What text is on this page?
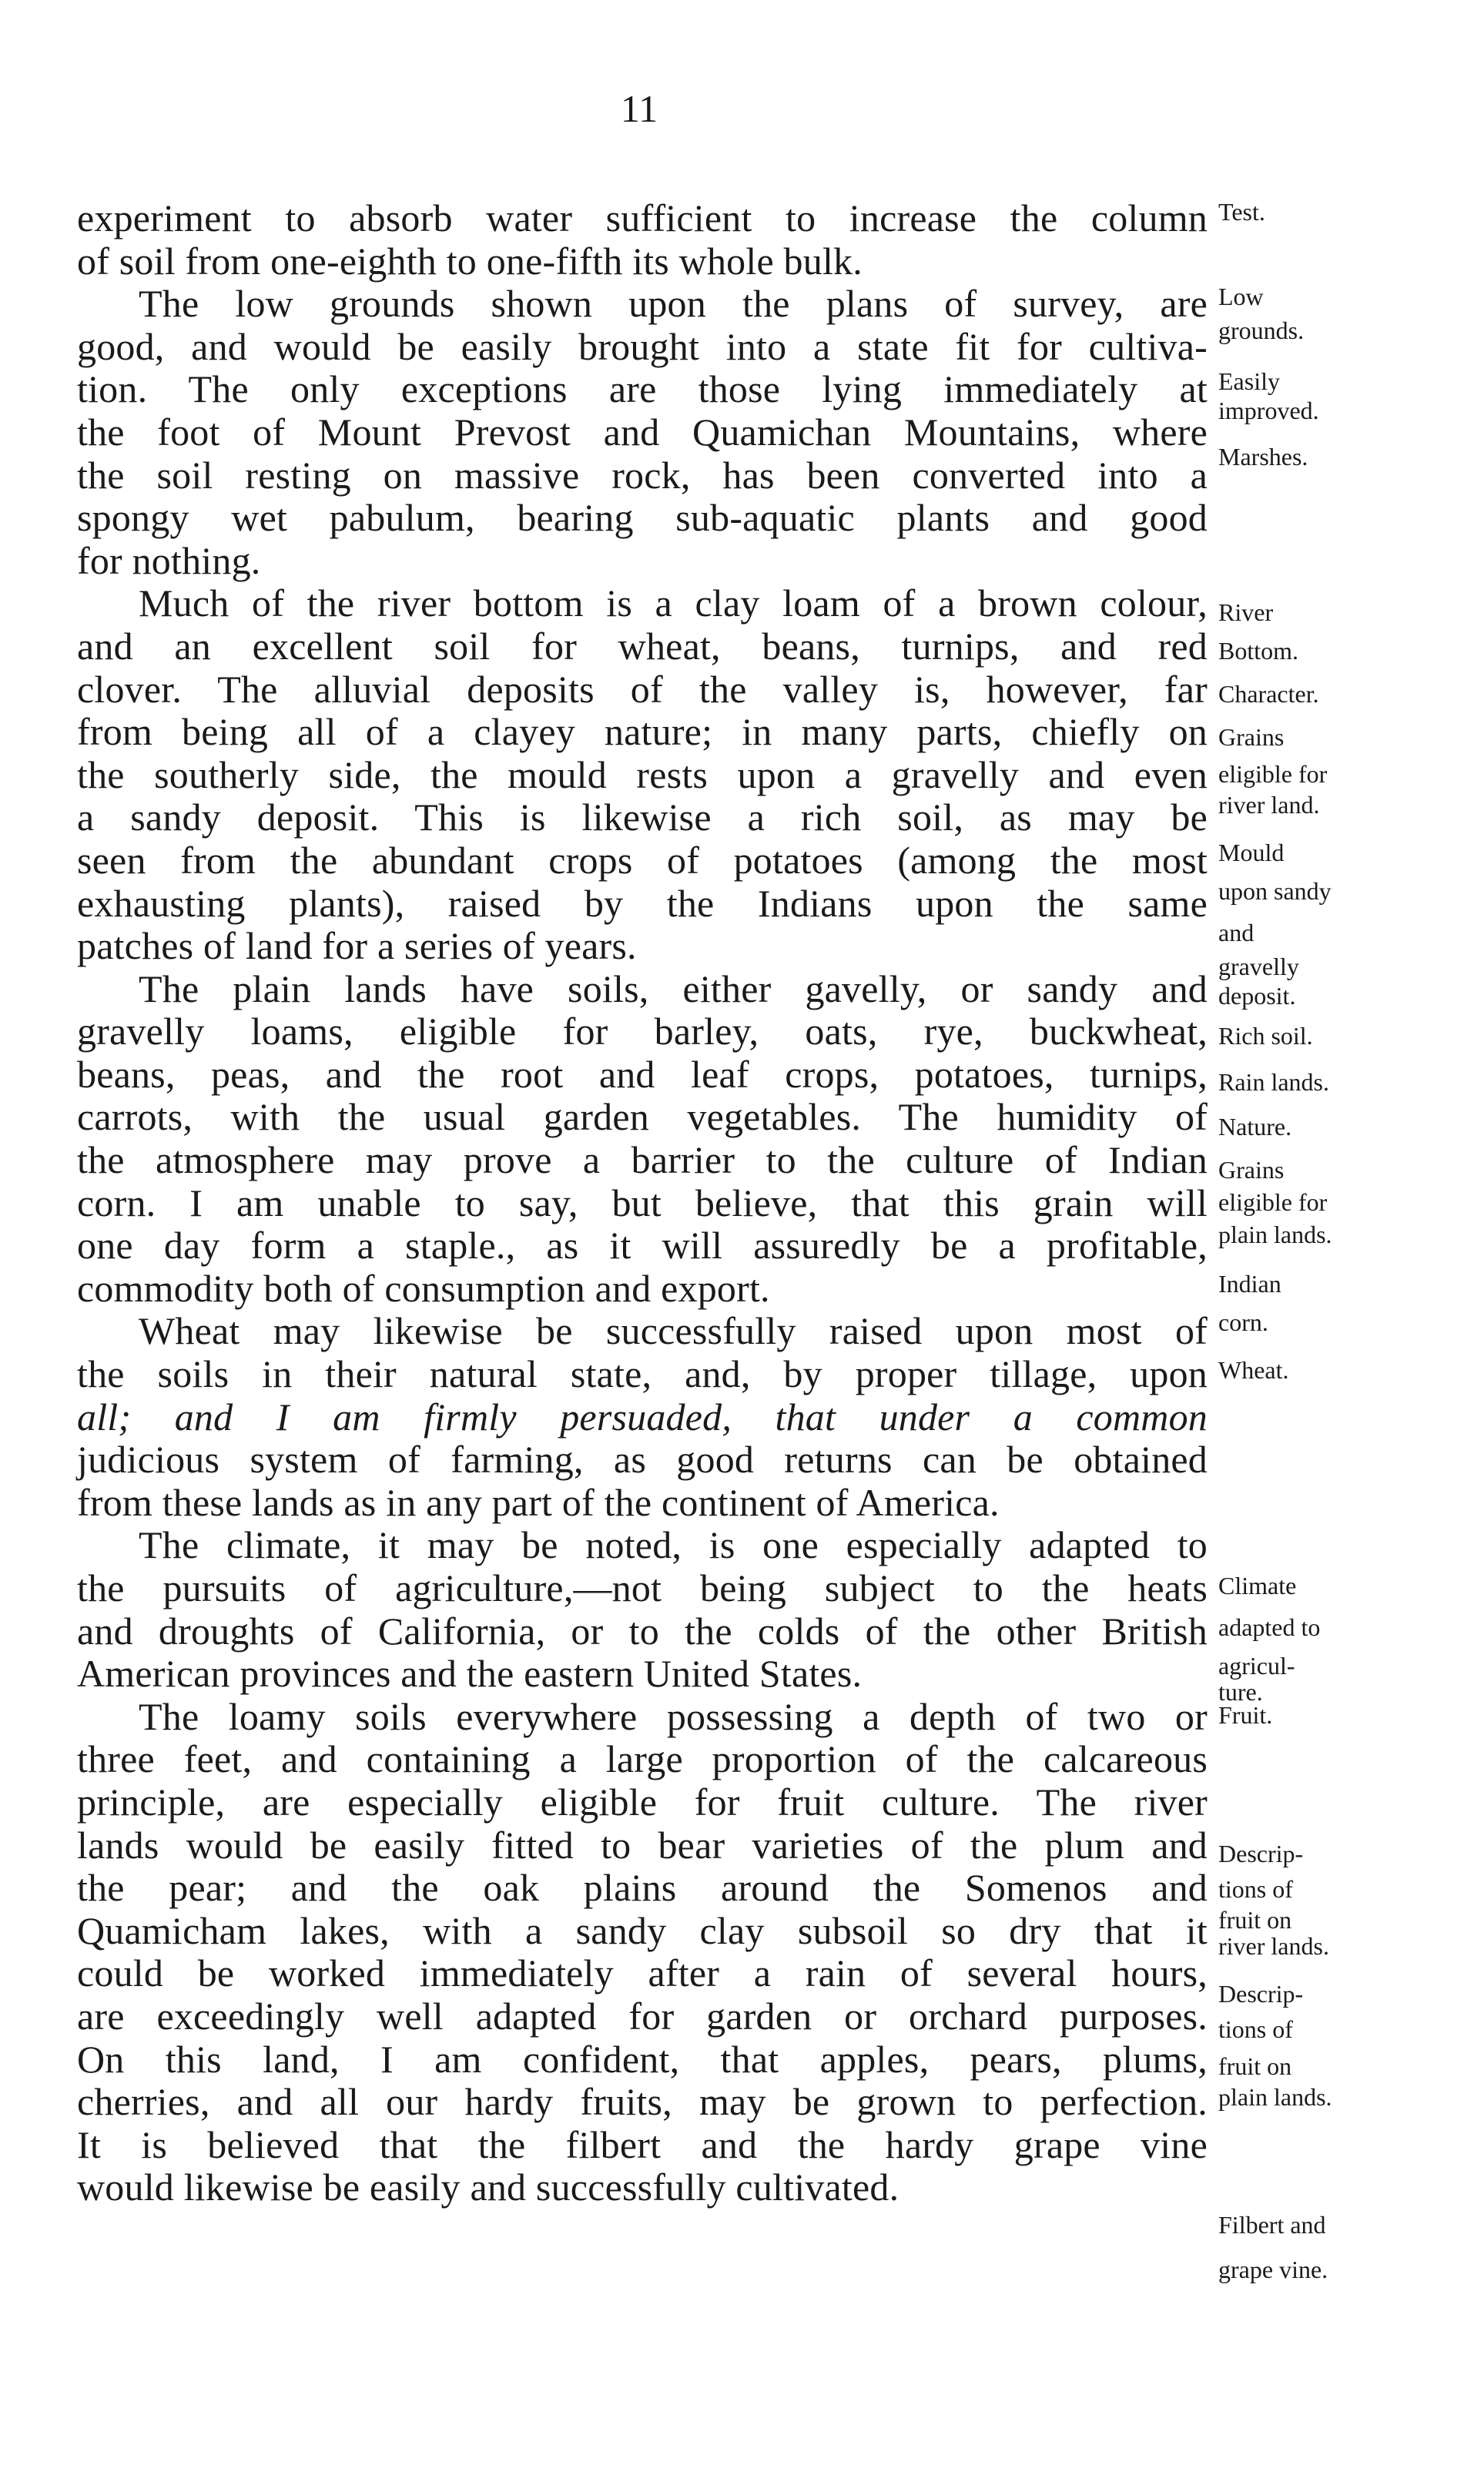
11

experiment to absorb water sufficient to increase the column
of soil from one-eighth to one-fifth its whole bulk.

The low grounds shown upon the plans of survey, are
good, and would be easily brought into a state fit for cultiva-
tion. The only exceptions are those lying immediately at
the foot of Mount Prevost and Quamichan Mountains, where
the soil resting on massive rock, has been converted into a
spongy wet pabulum, bearing sub-aquatic plants and good
for nothing.

Much of the river bottom is a clay loam of a brown colour,
and an excellent soil for wheat, beans, turnips, and red
clover. The alluvial deposits of the valley is, however, far
from being all of a clayey nature; in many parts, chiefly on
the southerly side, the mould rests upon a gravelly and even
a sandy deposit. This is likewise a rich soil, as may be
seen from the abundant crops of potatoes (among the most
exhausting plants), raised by the Indians upon the same
patches of land for a series of years.

The plain lands have soils, either gavelly, or sandy and
gravelly loams, eligible for barley, oats, rye, buckwheat,
beans, peas, and the root and leaf crops, potatoes, turnips,
carrots, with the usual garden vegetables. The humidity of
the atmosphere may prove a barrier to the culture of Indian
corn. I am unable to say, but believe, that this grain will
one day form a staple., as it will assuredly be a profitable,
commodity both of consumption and export.

Wheat may likewise be successfully raised upon most of
the soils in their natural state, and, by proper tillage, upon
all; and I am firmly persuaded, that under a common
judicious system of farming, as good returns can be obtained
from these lands as in any part of the continent of America.

The climate, it may be noted, is one especially adapted to
the pursuits of agriculture,—not being subject to the heats
and droughts of California, or to the colds of the other British
American provinces and the eastern United States.

The loamy soils everywhere possessing a depth of two or
three feet, and containing a large proportion of the calcareous
principle, are especially eligible for fruit culture. The river
lands would be easily fitted to bear varieties of the plum and
the pear; and the oak plains around the Somenos and
Quamicham lakes, with a sandy clay subsoil so dry that it
could be worked immediately after a rain of several hours,
are exceedingly well adapted for garden or orchard purposes.
On this land, I am confident, that apples, pears, plums,
cherries, and all our hardy fruits, may be grown to perfection.
It is believed that the filbert and the hardy grape vine
would likewise be easily and successfully cultivated.

Test.
Low
grounds.
Easily
improved.
Marshes.
River
Bottom.
Character.
Grains
eligible for
river land.
Mould
upon sandy
and
gravelly
deposit.
Rich soil.
Rain lands.
Nature.
Grains
eligible for
plain lands.
Indian
corn.
Wheat.
Climate
adapted to
agricul-
ture.
Fruit.
Descrip-
tions of
fruit on
river lands.
Descrip-
tions of
fruit on
plain lands.
Filbert and
grape vine.
